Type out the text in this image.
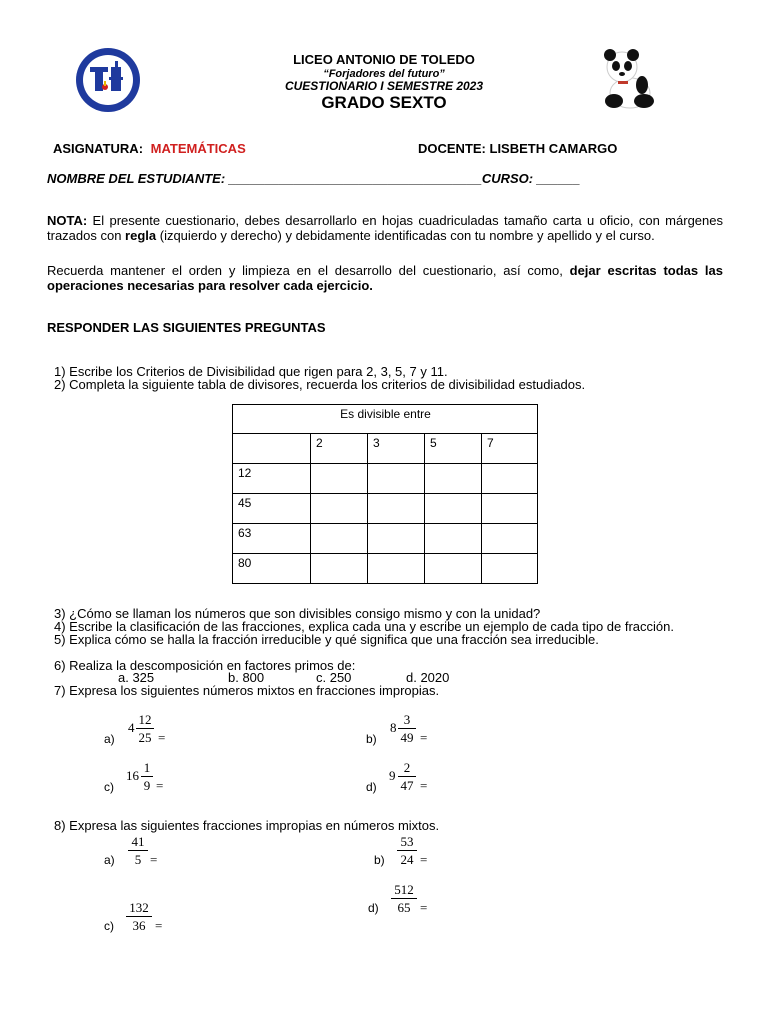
LICEO ANTONIO DE TOLEDO
“Forjadores del futuro”
CUESTIONARIO I SEMESTRE 2023
GRADO SEXTO
ASIGNATURA: MATEMÁTICAS	DOCENTE: LISBETH CAMARGO
NOMBRE DEL ESTUDIANTE: ___________________________________CURSO: ______
NOTA: El presente cuestionario, debes desarrollarlo en hojas cuadriculadas tamaño carta u oficio, con márgenes trazados con regla (izquierdo y derecho) y debidamente identificadas con tu nombre y apellido y el curso.
Recuerda mantener el orden y limpieza en el desarrollo del cuestionario, así como, dejar escritas todas las operaciones necesarias para resolver cada ejercicio.
RESPONDER LAS SIGUIENTES PREGUNTAS
1) Escribe los Criterios de Divisibilidad que rigen para 2, 3, 5, 7 y 11.
2) Completa la siguiente tabla de divisores, recuerda los criterios de divisibilidad estudiados.
Es divisible entre				
	2	3	5	7
12				
45				
63				
80				
3) ¿Cómo se llaman los números que son divisibles consigo mismo y con la unidad?
4) Escribe la clasificación de las fracciones, explica cada una y escribe un ejemplo de cada tipo de fracción.
5) Explica cómo se halla la fracción irreducible y qué significa que una fracción sea irreducible.
6) Realiza la descomposición en factores primos de:
a. 325	b. 800	c. 250	d. 2020
7) Expresa los siguientes números mixtos en fracciones impropias.
a)
4
12
25 =	b)
8
3
49 =
c)
16
1
9 =	d)
9
2
47 =
8) Expresa las siguientes fracciones impropias en números mixtos.
a)
41
5 =	b)
53
24 =
d)
512
65 =
c)
132
36 =
